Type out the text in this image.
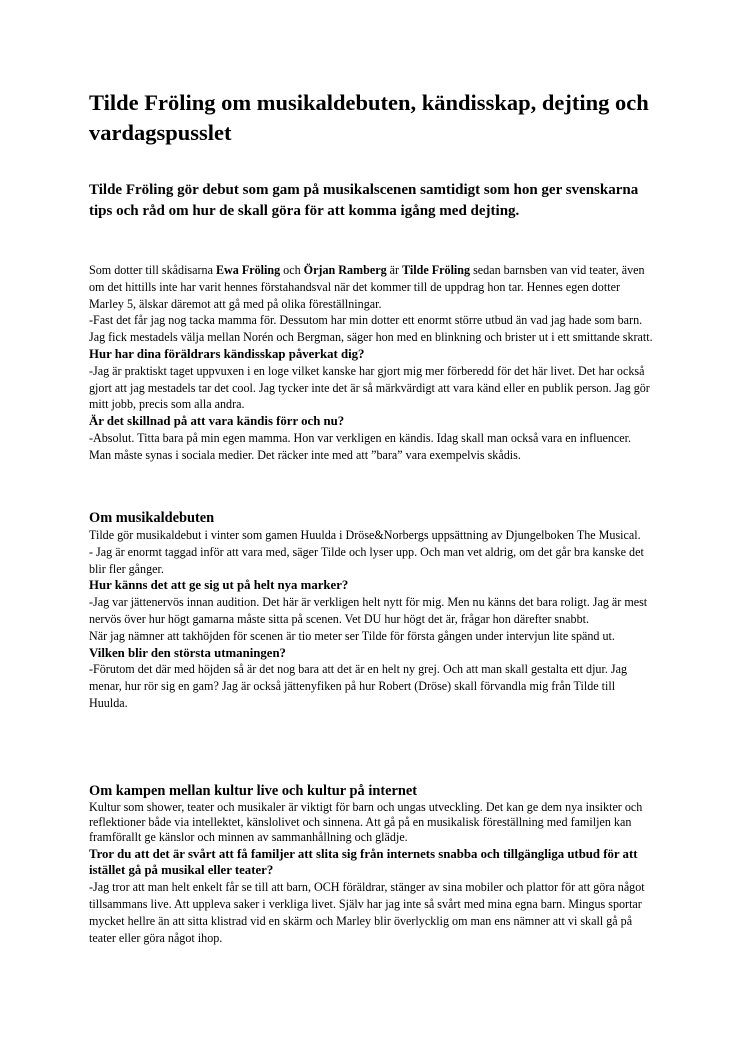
Tilde Fröling om musikaldebuten, kändisskap, dejting och vardagspusslet

Tilde Fröling gör debut som gam på musikalscenen samtidigt som hon ger svenskarna tips och råd om hur de skall göra för att komma igång med dejting.

Som dotter till skådisarna Ewa Fröling och Örjan Ramberg är Tilde Fröling sedan barnsben van vid teater, även om det hittills inte har varit hennes förstahandsval när det kommer till de uppdrag hon tar. Hennes egen dotter Marley 5, älskar däremot att gå med på olika föreställningar.

-Fast det får jag nog tacka mamma för. Dessutom har min dotter ett enormt större utbud än vad jag hade som barn. Jag fick mestadels välja mellan Norén och Bergman, säger hon med en blinkning och brister ut i ett smittande skratt.

Hur har dina föräldrars kändisskap påverkat dig?

-Jag är praktiskt taget uppvuxen i en loge vilket kanske har gjort mig mer förberedd för det här livet. Det har också gjort att jag mestadels tar det cool. Jag tycker inte det är så märkvärdigt att vara känd eller en publik person. Jag gör mitt jobb, precis som alla andra.

Är det skillnad på att vara kändis förr och nu?

-Absolut. Titta bara på min egen mamma. Hon var verkligen en kändis. Idag skall man också vara en influencer. Man måste synas i sociala medier. Det räcker inte med att ”bara” vara exempelvis skådis.

Om musikaldebuten

Tilde gör musikaldebut i vinter som gamen Huulda i Dröse&Norbergs uppsättning av Djungelboken The Musical.

- Jag är enormt taggad inför att vara med, säger Tilde och lyser upp. Och man vet aldrig, om det går bra kanske det blir fler gånger.

Hur känns det att ge sig ut på helt nya marker?

-Jag var jättenervös innan audition. Det här är verkligen helt nytt för mig. Men nu känns det bara roligt. Jag är mest nervös över hur högt gamarna måste sitta på scenen. Vet DU hur högt det är, frågar hon därefter snabbt.

När jag nämner att takhöjden för scenen är tio meter ser Tilde för första gången under intervjun lite spänd ut.

Vilken blir den största utmaningen?

-Förutom det där med höjden så är det nog bara att det är en helt ny grej. Och att man skall gestalta ett djur. Jag menar, hur rör sig en gam? Jag är också jättenyfiken på hur Robert (Dröse) skall förvandla mig från Tilde till Huulda.

Om kampen mellan kultur live och kultur på internet

Kultur som shower, teater och musikaler är viktigt för barn och ungas utveckling. Det kan ge dem nya insikter och reflektioner både via intellektet, känslolivet och sinnena. Att gå på en musikalisk föreställning med familjen kan framförallt ge känslor och minnen av sammanhållning och glädje.

Tror du att det är svårt att få familjer att slita sig från internets snabba och tillgängliga utbud för att istället gå på musikal eller teater?

-Jag tror att man helt enkelt får se till att barn, OCH föräldrar, stänger av sina mobiler och plattor för att göra något tillsammans live. Att uppleva saker i verkliga livet. Själv har jag inte så svårt med mina egna barn. Mingus sportar mycket hellre än att sitta klistrad vid en skärm och Marley blir överlycklig om man ens nämner att vi skall gå på teater eller göra något ihop.
